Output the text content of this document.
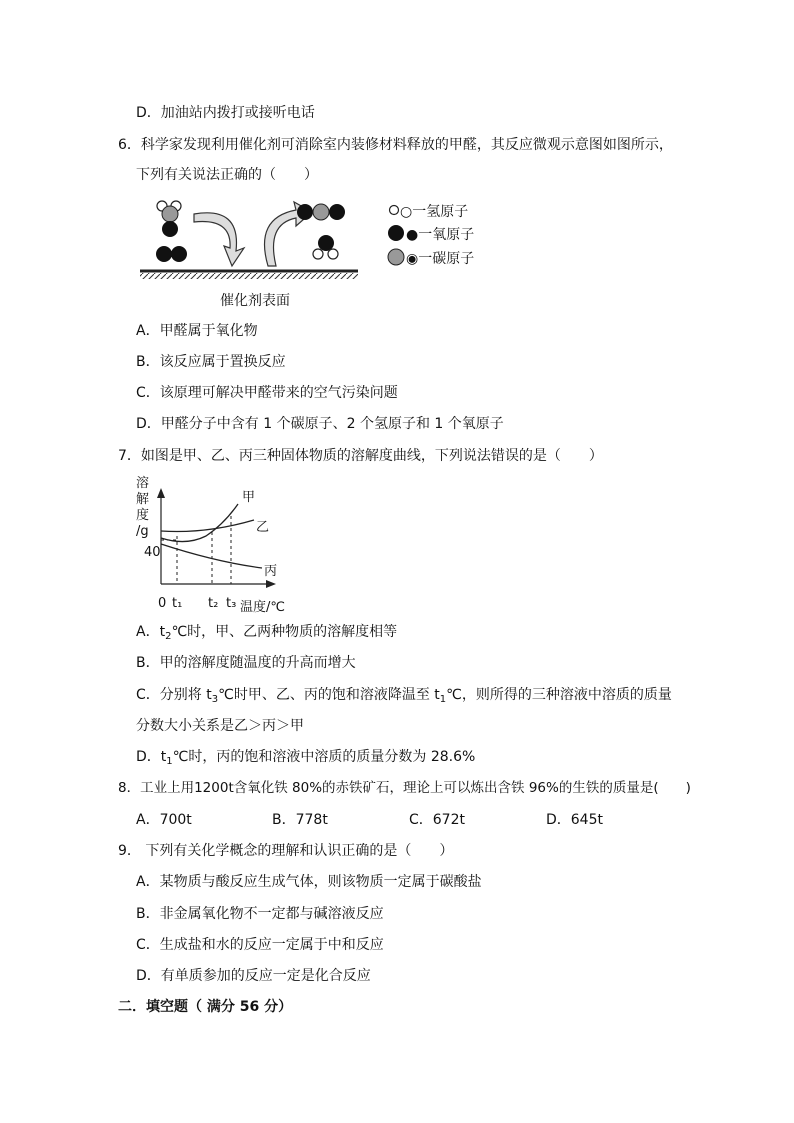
D．加油站内拨打或接听电话
6．科学家发现利用催化剂可消除室内装修材料释放的甲醛，其反应微观示意图如图所示，
下列有关说法正确的（　　）
○一氢原子
●一氧原子
◉一碳原子
催化剂表面
A．甲醛属于氧化物
B．该反应属于置换反应
C．该原理可解决甲醛带来的空气污染问题
D．甲醛分子中含有 1 个碳原子、2 个氢原子和 1 个氧原子
7．如图是甲、乙、丙三种固体物质的溶解度曲线，下列说法错误的是（　　）
溶
解
度
/g
40
0 t₁ t₂ t₃ 温度/℃
甲
乙
丙
A．$t_2℃$时，甲、乙两种物质的溶解度相等
B．甲的溶解度随温度的升高而增大
C．分别将 $t_3℃$时甲、乙、丙的饱和溶液降温至 $t_1℃$，则所得的三种溶液中溶质的质量
分数大小关系是乙＞丙＞甲
D．$t_1℃$时，丙的饱和溶液中溶质的质量分数为 28.6%
8．工业上用1200t含氧化铁 80%的赤铁矿石，理论上可以炼出含铁 96%的生铁的质量是(　　)
A．700t	B．778t	C．672t	D．645t
9． 下列有关化学概念的理解和认识正确的是（　　）
A．某物质与酸反应生成气体，则该物质一定属于碳酸盐
B．非金属氧化物不一定都与碱溶液反应
C．生成盐和水的反应一定属于中和反应
D．有单质参加的反应一定是化合反应
二．填空题（ 满分 56 分）
